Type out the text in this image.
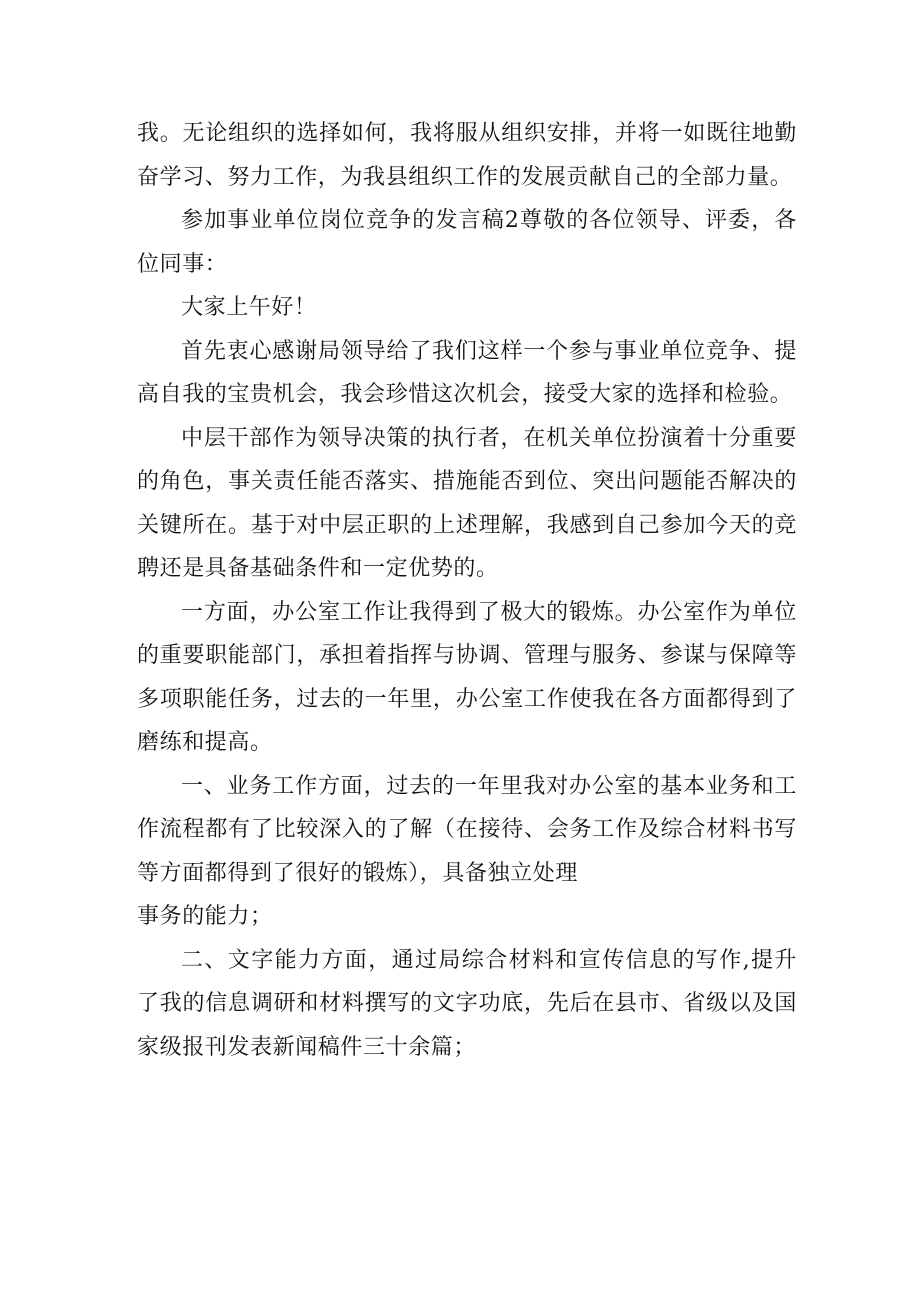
我。无论组织的选择如何，我将服从组织安排，并将一如既往地勤奋学习、努力工作，为我县组织工作的发展贡献自己的全部力量。

参加事业单位岗位竞争的发言稿2尊敬的各位领导、评委，各位同事：

大家上午好！

首先衷心感谢局领导给了我们这样一个参与事业单位竞争、提高自我的宝贵机会，我会珍惜这次机会，接受大家的选择和检验。

中层干部作为领导决策的执行者，在机关单位扮演着十分重要的角色，事关责任能否落实、措施能否到位、突出问题能否解决的关键所在。基于对中层正职的上述理解，我感到自己参加今天的竞聘还是具备基础条件和一定优势的。

一方面，办公室工作让我得到了极大的锻炼。办公室作为单位的重要职能部门，承担着指挥与协调、管理与服务、参谋与保障等多项职能任务，过去的一年里，办公室工作使我在各方面都得到了磨练和提高。

一、业务工作方面，过去的一年里我对办公室的基本业务和工作流程都有了比较深入的了解（在接待、会务工作及综合材料书写等方面都得到了很好的锻炼），具备独立处理

事务的能力；

二、文字能力方面，通过局综合材料和宣传信息的写作,提升了我的信息调研和材料撰写的文字功底，先后在县市、省级以及国家级报刊发表新闻稿件三十余篇；
